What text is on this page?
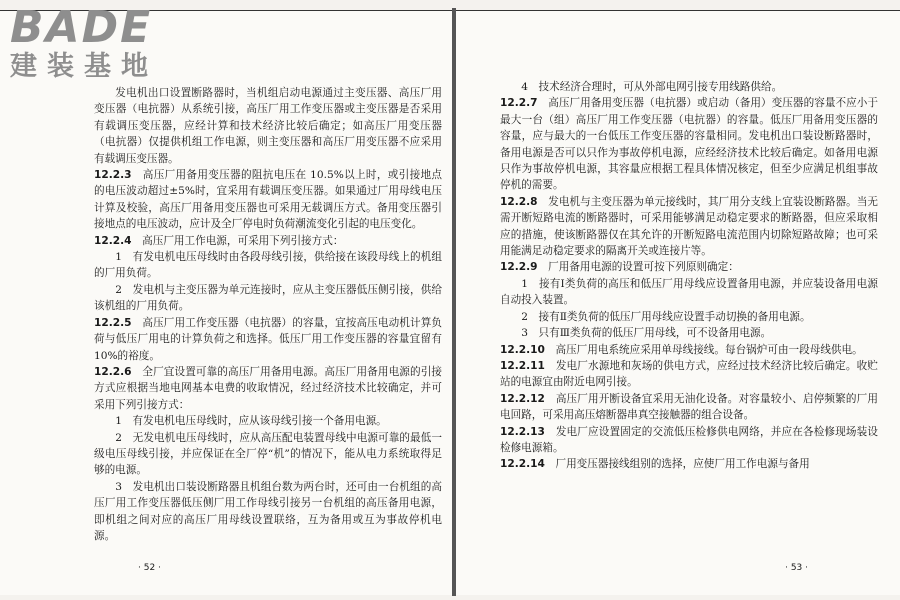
BADE
建装基地

发电机出口设置断路器时，当机组启动电源通过主变压器、高压厂用变压器（电抗器）从系统引接，高压厂用工作变压器或主变压器是否采用有载调压变压器，应经计算和技术经济比较后确定；如高压厂用变压器（电抗器）仅提供机组工作电源，则主变压器和高压厂用变压器不应采用有载调压变压器。

12.2.3　 高压厂用备用变压器的阻抗电压在 10.5%以上时，或引接地点的电压波动超过±5%时，宜采用有载调压变压器。如果通过厂用母线电压计算及校验，高压厂用备用变压器也可采用无载调压方式。备用变压器引接地点的电压波动，应计及全厂停电时负荷潮流变化引起的电压变化。

12.2.4　 高压厂用工作电源，可采用下列引接方式：

1　有发电机电压母线时由各段母线引接，供给接在该段母线上的机组的厂用负荷。

2　发电机与主变压器为单元连接时，应从主变压器低压侧引接，供给该机组的厂用负荷。

12.2.5　 高压厂用工作变压器（电抗器）的容量，宜按高压电动机计算负荷与低压厂用电的计算负荷之和选择。低压厂用工作变压器的容量宜留有 10%的裕度。

12.2.6　 全厂宜设置可靠的高压厂用备用电源。高压厂用备用电源的引接方式应根据当地电网基本电费的收取情况，经过经济技术比较确定，并可采用下列引接方式：

1　有发电机电压母线时，应从该母线引接一个备用电源。

2　无发电机电压母线时，应从高压配电装置母线中电源可靠的最低一级电压母线引接，并应保证在全厂停“机”的情况下，能从电力系统取得足够的电源。

3　发电机出口装设断路器且机组台数为两台时，还可由一台机组的高压厂用工作变压器低压侧厂用工作母线引接另一台机组的高压备用电源，即机组之间对应的高压厂用母线设置联络，互为备用或互为事故停机电源。

· 52 ·

4　技术经济合理时，可从外部电网引接专用线路供给。

12.2.7　 高压厂用备用变压器（电抗器）或启动（备用）变压器的容量不应小于最大一台（组）高压厂用工作变压器（电抗器）的容量。低压厂用备用变压器的容量，应与最大的一台低压工作变压器的容量相同。发电机出口装设断路器时，备用电源是否可以只作为事故停机电源，应经经济技术比较后确定。如备用电源只作为事故停机电源，其容量应根据工程具体情况核定，但至少应满足机组事故停机的需要。

12.2.8　 发电机与主变压器为单元接线时，其厂用分支线上宜装设断路器。当无需开断短路电流的断路器时，可采用能够满足动稳定要求的断路器，但应采取相应的措施，使该断路器仅在其允许的开断短路电流范围内切除短路故障；也可采用能满足动稳定要求的隔离开关或连接片等。

12.2.9　 厂用备用电源的设置可按下列原则确定：

1　接有Ⅰ类负荷的高压和低压厂用母线应设置备用电源，并应装设备用电源自动投入装置。

2　接有Ⅱ类负荷的低压厂用母线应设置手动切换的备用电源。

3　只有Ⅲ类负荷的低压厂用母线，可不设备用电源。

12.2.10　 高压厂用电系统应采用单母线接线。每台锅炉可由一段母线供电。

12.2.11　 发电厂水源地和灰场的供电方式，应经过技术经济比较后确定。收贮站的电源宜由附近电网引接。

12.2.12　 高压厂用开断设备宜采用无油化设备。对容量较小、启停频繁的厂用电回路，可采用高压熔断器串真空接触器的组合设备。

12.2.13　 发电厂应设置固定的交流低压检修供电网络，并应在各检修现场装设检修电源箱。

12.2.14　 厂用变压器接线组别的选择，应使厂用工作电源与备用

· 53 ·
